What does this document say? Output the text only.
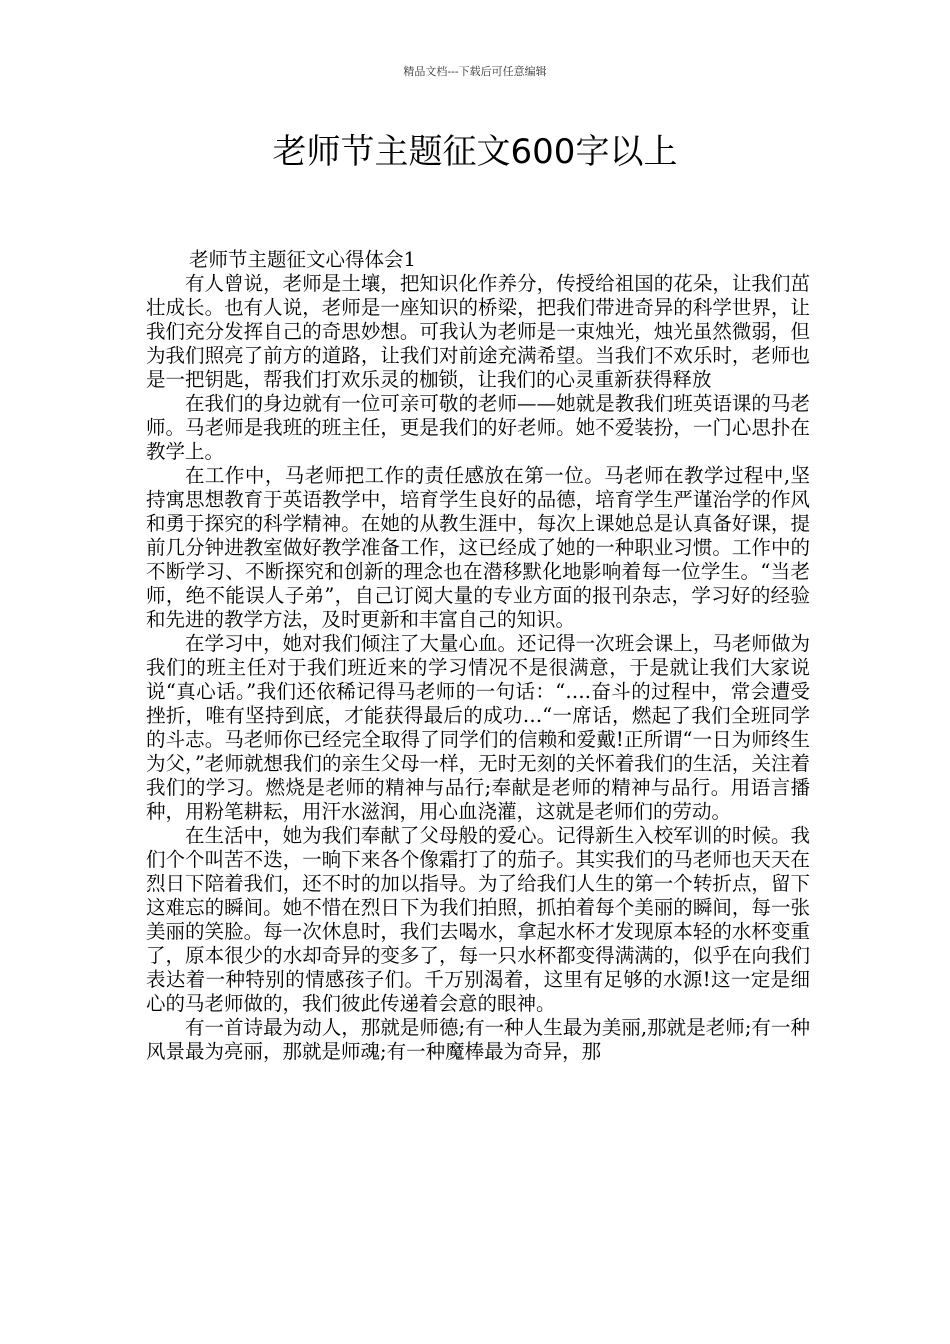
精品文档---下载后可任意编辑
老师节主题征文600字以上
老师节主题征文心得体会1

有人曾说，老师是土壤，把知识化作养分，传授给祖国的花朵，让我们茁壮成长。也有人说，老师是一座知识的桥梁，把我们带进奇异的科学世界，让我们充分发挥自己的奇思妙想。可我认为老师是一束烛光，烛光虽然微弱，但为我们照亮了前方的道路，让我们对前途充满希望。当我们不欢乐时，老师也是一把钥匙，帮我们打欢乐灵的枷锁，让我们的心灵重新获得释放

在我们的身边就有一位可亲可敬的老师——她就是教我们班英语课的马老师。马老师是我班的班主任，更是我们的好老师。她不爱装扮，一门心思扑在教学上。

在工作中，马老师把工作的责任感放在第一位。马老师在教学过程中,坚持寓思想教育于英语教学中，培育学生良好的品德，培育学生严谨治学的作风和勇于探究的科学精神。在她的从教生涯中，每次上课她总是认真备好课，提前几分钟进教室做好教学准备工作，这已经成了她的一种职业习惯。工作中的不断学习、不断探究和创新的理念也在潜移默化地影响着每一位学生。“当老师，绝不能误人子弟”，自己订阅大量的专业方面的报刊杂志，学习好的经验和先进的教学方法，及时更新和丰富自己的知识。

在学习中，她对我们倾注了大量心血。还记得一次班会课上，马老师做为我们的班主任对于我们班近来的学习情况不是很满意，于是就让我们大家说说“真心话。”我们还依稀记得马老师的一句话：“….奋斗的过程中，常会遭受挫折，唯有坚持到底，才能获得最后的成功…“一席话，燃起了我们全班同学的斗志。马老师你已经完全取得了同学们的信赖和爱戴!正所谓“一日为师终生为父，”老师就想我们的亲生父母一样，无时无刻的关怀着我们的生活，关注着我们的学习。燃烧是老师的精神与品行;奉献是老师的精神与品行。用语言播种，用粉笔耕耘，用汗水滋润，用心血浇灌，这就是老师们的劳动。

在生活中，她为我们奉献了父母般的爱心。记得新生入校军训的时候。我们个个叫苦不迭，一晌下来各个像霜打了的茄子。其实我们的马老师也天天在烈日下陪着我们，还不时的加以指导。为了给我们人生的第一个转折点，留下这难忘的瞬间。她不惜在烈日下为我们拍照，抓拍着每个美丽的瞬间，每一张美丽的笑脸。每一次休息时，我们去喝水，拿起水杯才发现原本轻的水杯变重了，原本很少的水却奇异的变多了，每一只水杯都变得满满的，似乎在向我们表达着一种特别的情感孩子们。千万别渴着，这里有足够的水源!这一定是细心的马老师做的，我们彼此传递着会意的眼神。

有一首诗最为动人，那就是师德;有一种人生最为美丽,那就是老师;有一种风景最为亮丽，那就是师魂;有一种魔棒最为奇异，那
